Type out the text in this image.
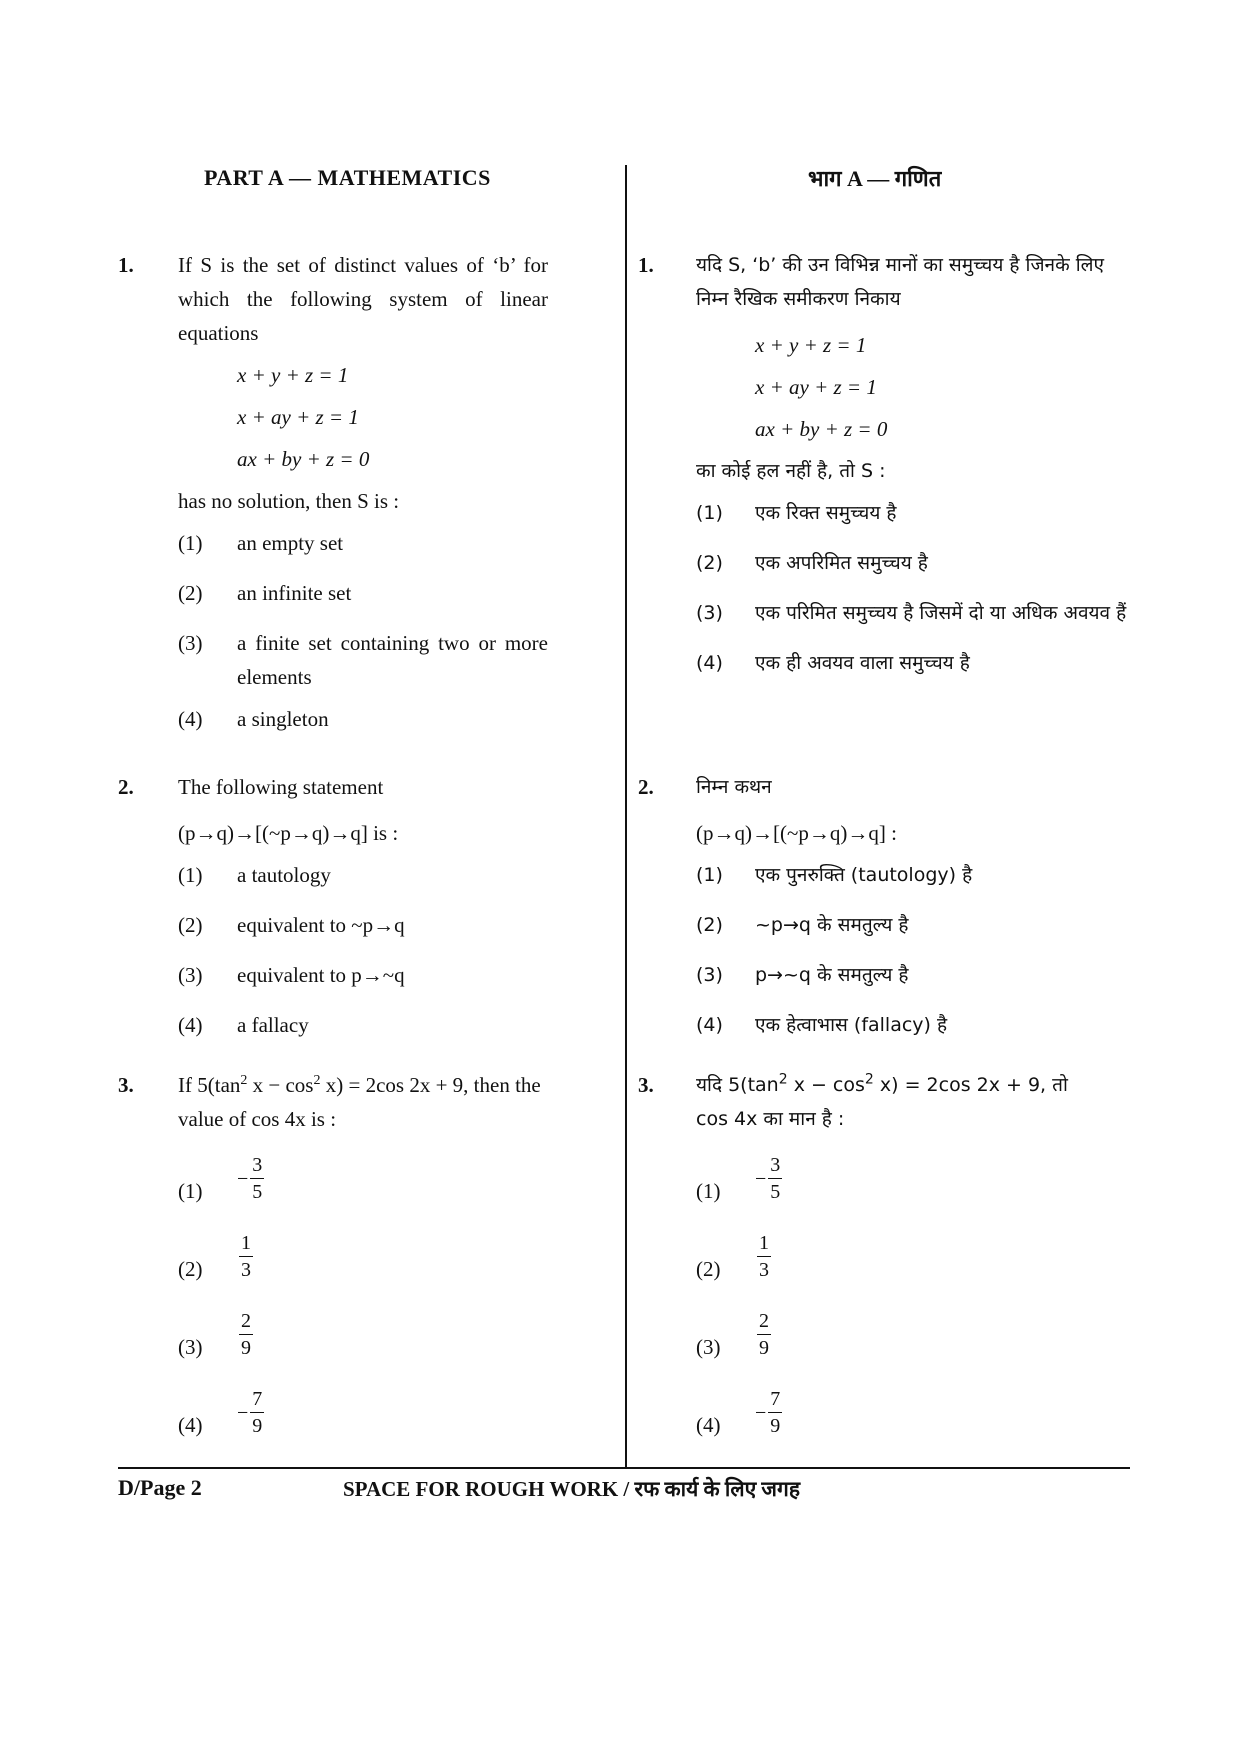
PART A — MATHEMATICS	भाग A — गणित
1. If S is the set of distinct values of ‘b’ for which the following system of linear equations
x + y + z = 1
x + ay + z = 1
ax + by + z = 0
has no solution, then S is :
(1) an empty set
(2) an infinite set
(3) a finite set containing two or more elements
(4) a singleton
2. The following statement
(p→q)→[(~p→q)→q] is :
(1) a tautology
(2) equivalent to ~p→q
(3) equivalent to p→~q
(4) a fallacy
3. If $5(\tan^2$ $x - \cos^2 x) = 2\cos$ 2x + 9, then the
value of cos 4x is :
(1)
− $\frac{3}{5}$
$(2) \frac{1}{3}$
$(3) \frac{2}{9}$
(4)
− $\frac{7}{9}$
1. यदि S, ‘b’ की उन विभिन्न मानों का समुच्चय है जिनके लिए निम्न रैखिक समीकरण निकाय
x + y + z = 1
x + ay + z = 1
ax + by + z = 0
का कोई हल नहीं है, तो S :
(1) एक रिक्त समुच्चय है
(2) एक अपरिमित समुच्चय है
(3) एक परिमित समुच्चय है जिसमें दो या अधिक अवयव हैं
(4) एक ही अवयव वाला समुच्चय है
2. निम्न कथन
(p→q)→[(~p→q)→q] :
(1) एक पुनरुक्ति (tautology) है
(2) ~p→q के समतुल्य है
(3) p→~q के समतुल्य है
(4) एक हेत्वाभास (fallacy) है
3. यदि $5(\tan^2$ $x - \cos^2 x) = 2\cos$ 2x + 9, तो
cos 4x का मान है :
(1)
− $\frac{3}{5}$
$(2) \frac{1}{3}$
$(3) \frac{2}{9}$
(4)
− $\frac{7}{9}$
D/Page 2	SPACE FOR ROUGH WORK / रफ कार्य के लिए जगह
